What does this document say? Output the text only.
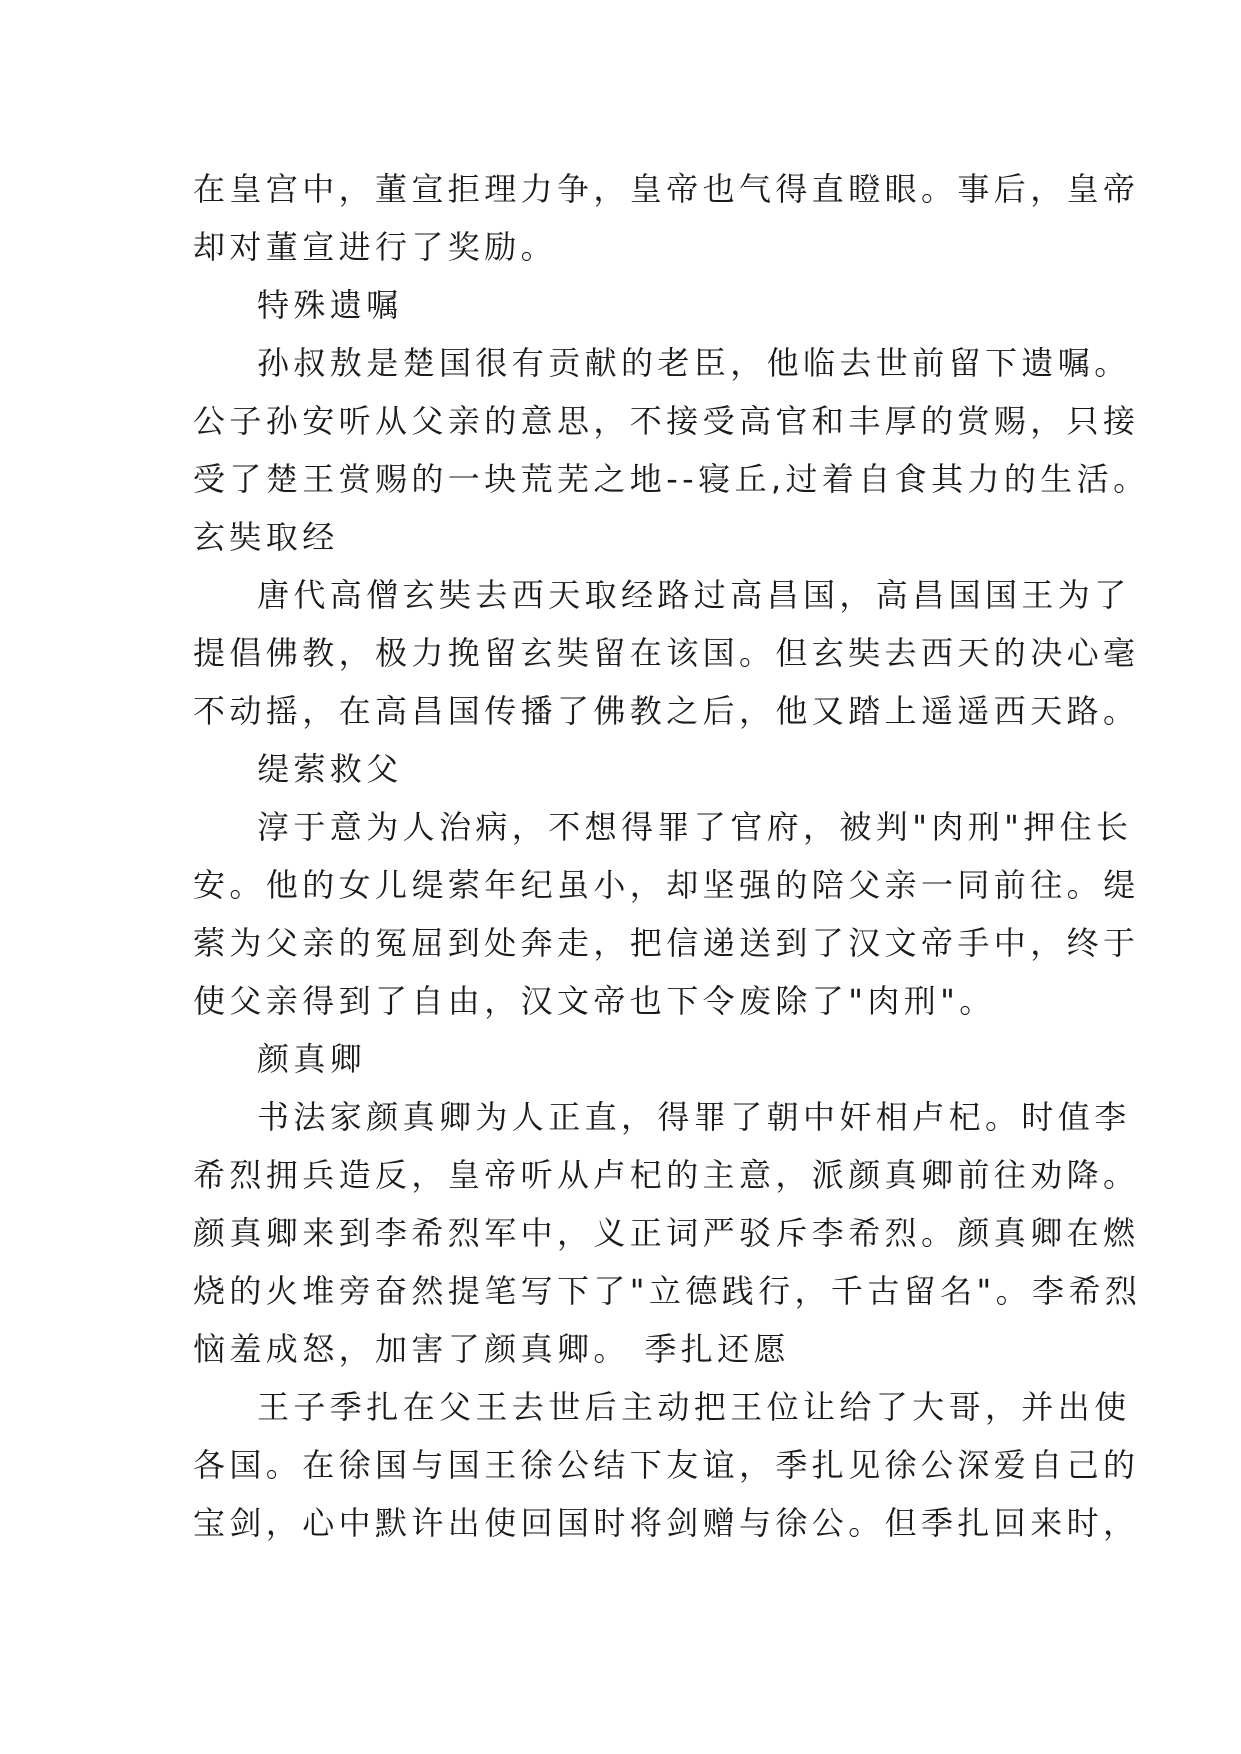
在皇宫中，董宣拒理力争，皇帝也气得直瞪眼。事后，皇帝
却对董宣进行了奖励。
特殊遗嘱
孙叔敖是楚国很有贡献的老臣，他临去世前留下遗嘱。
公子孙安听从父亲的意思，不接受高官和丰厚的赏赐，只接
受了楚王赏赐的一块荒芜之地--寝丘,过着自食其力的生活。
玄奘取经
唐代高僧玄奘去西天取经路过高昌国，高昌国国王为了
提倡佛教，极力挽留玄奘留在该国。但玄奘去西天的决心毫
不动摇，在高昌国传播了佛教之后，他又踏上遥遥西天路。
缇萦救父
淳于意为人治病，不想得罪了官府，被判"肉刑"押住长
安。他的女儿缇萦年纪虽小，却坚强的陪父亲一同前往。缇
萦为父亲的冤屈到处奔走，把信递送到了汉文帝手中，终于
使父亲得到了自由，汉文帝也下令废除了"肉刑"。
颜真卿
书法家颜真卿为人正直，得罪了朝中奸相卢杞。时值李
希烈拥兵造反，皇帝听从卢杞的主意，派颜真卿前往劝降。
颜真卿来到李希烈军中，义正词严驳斥李希烈。颜真卿在燃
烧的火堆旁奋然提笔写下了"立德践行，千古留名"。李希烈
恼羞成怒，加害了颜真卿。 季扎还愿
王子季扎在父王去世后主动把王位让给了大哥，并出使
各国。在徐国与国王徐公结下友谊，季扎见徐公深爱自己的
宝剑，心中默许出使回国时将剑赠与徐公。但季扎回来时，
